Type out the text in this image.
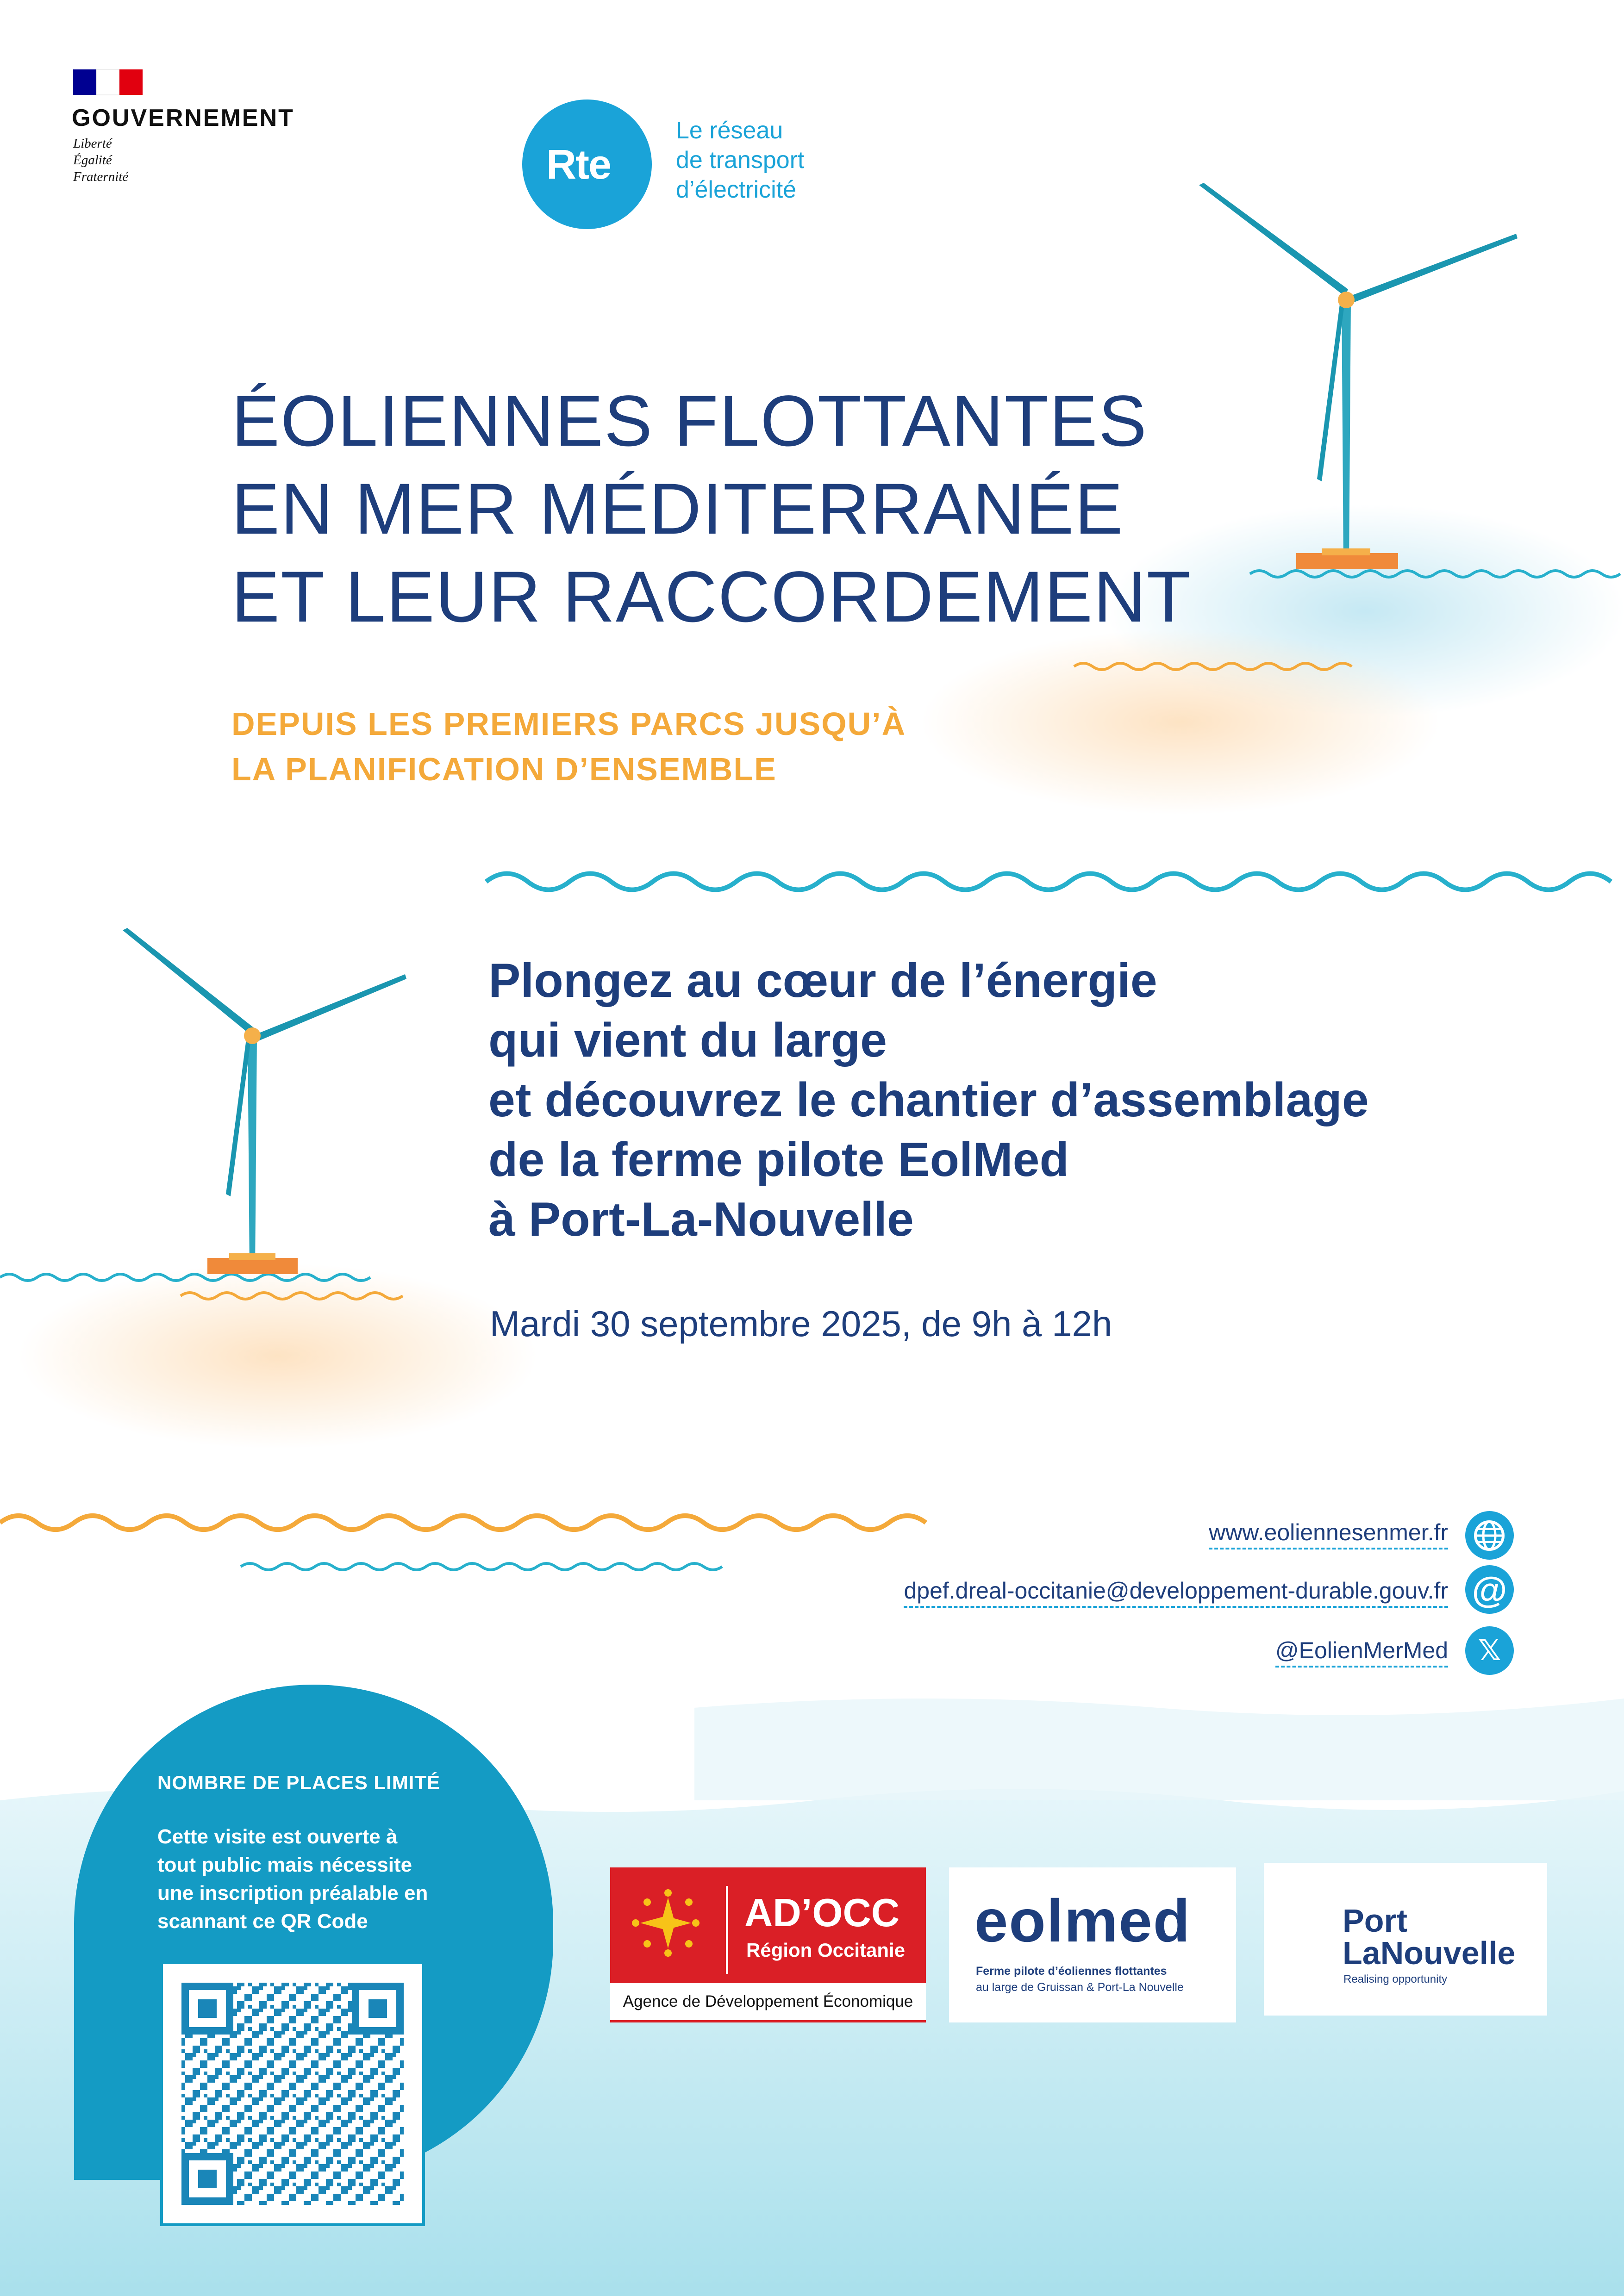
GOUVERNEMENT
Liberté
Égalité
Fraternité	Rte
Le réseau
de transport
d’électricité
ÉOLIENNES FLOTTANTES
EN MER MÉDITERRANÉE
ET LEUR RACCORDEMENT
DEPUIS LES PREMIERS PARCS JUSQU’À
LA PLANIFICATION D’ENSEMBLE
Plongez au cœur de l’énergie
qui vient du large
et découvrez le chantier d’assemblage
de la ferme pilote EolMed
à Port-La-Nouvelle
Mardi 30 septembre 2025, de 9h à 12h
www.eoliennesenmer.fr
dpef.dreal-occitanie@developpement-durable.gouv.fr
@EolienMerMed
@
𝕏
NOMBRE DE PLACES LIMITÉ
Cette visite est ouverte à
tout public mais nécessite
une inscription préalable en
scannant ce QR Code	AD’OCC
Région Occitanie
Agence de Développement Économique
eolmed
Ferme pilote d’éoliennes flottantes
au large de Gruissan & Port-La Nouvelle
Port
LaNouvelle
Realising opportunity
